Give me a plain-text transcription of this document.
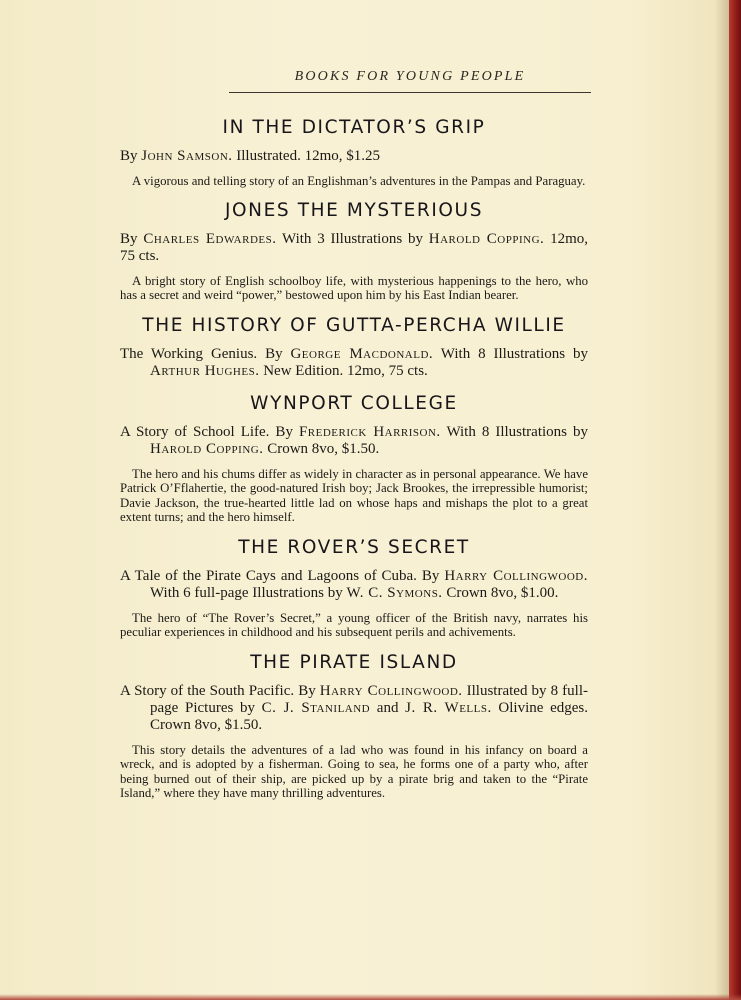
BOOKS FOR YOUNG PEOPLE
IN THE DICTATOR’S GRIP
By John Samson. Illustrated. 12mo, $1.25
A vigorous and telling story of an Englishman’s adventures in the Pampas and Paraguay.
JONES THE MYSTERIOUS
By Charles Edwardes. With 3 Illustrations by Harold Copping. 12mo, 75 cts.
A bright story of English schoolboy life, with mysterious happenings to the hero, who has a secret and weird “power,” bestowed upon him by his East Indian bearer.
THE HISTORY OF GUTTA-PERCHA WILLIE
The Working Genius. By George Macdonald. With 8 Illustrations by Arthur Hughes. New Edition. 12mo, 75 cts.
WYNPORT COLLEGE
A Story of School Life. By Frederick Harrison. With 8 Illustrations by Harold Copping. Crown 8vo, $1.50.
The hero and his chums differ as widely in character as in personal appearance. We have Patrick O’Fflahertie, the good-natured Irish boy; Jack Brookes, the irrepressible humorist; Davie Jackson, the true-hearted little lad on whose haps and mishaps the plot to a great extent turns; and the hero himself.
THE ROVER’S SECRET
A Tale of the Pirate Cays and Lagoons of Cuba. By Harry Collingwood. With 6 full-page Illustrations by W. C. Symons. Crown 8vo, $1.00.
The hero of “The Rover’s Secret,” a young officer of the British navy, narrates his peculiar experiences in childhood and his subsequent perils and achivements.
THE PIRATE ISLAND
A Story of the South Pacific. By Harry Collingwood. Illustrated by 8 full-page Pictures by C. J. Staniland and J. R. Wells. Olivine edges. Crown 8vo, $1.50.
This story details the adventures of a lad who was found in his infancy on board a wreck, and is adopted by a fisherman. Going to sea, he forms one of a party who, after being burned out of their ship, are picked up by a pirate brig and taken to the “Pirate Island,” where they have many thrilling adventures.
